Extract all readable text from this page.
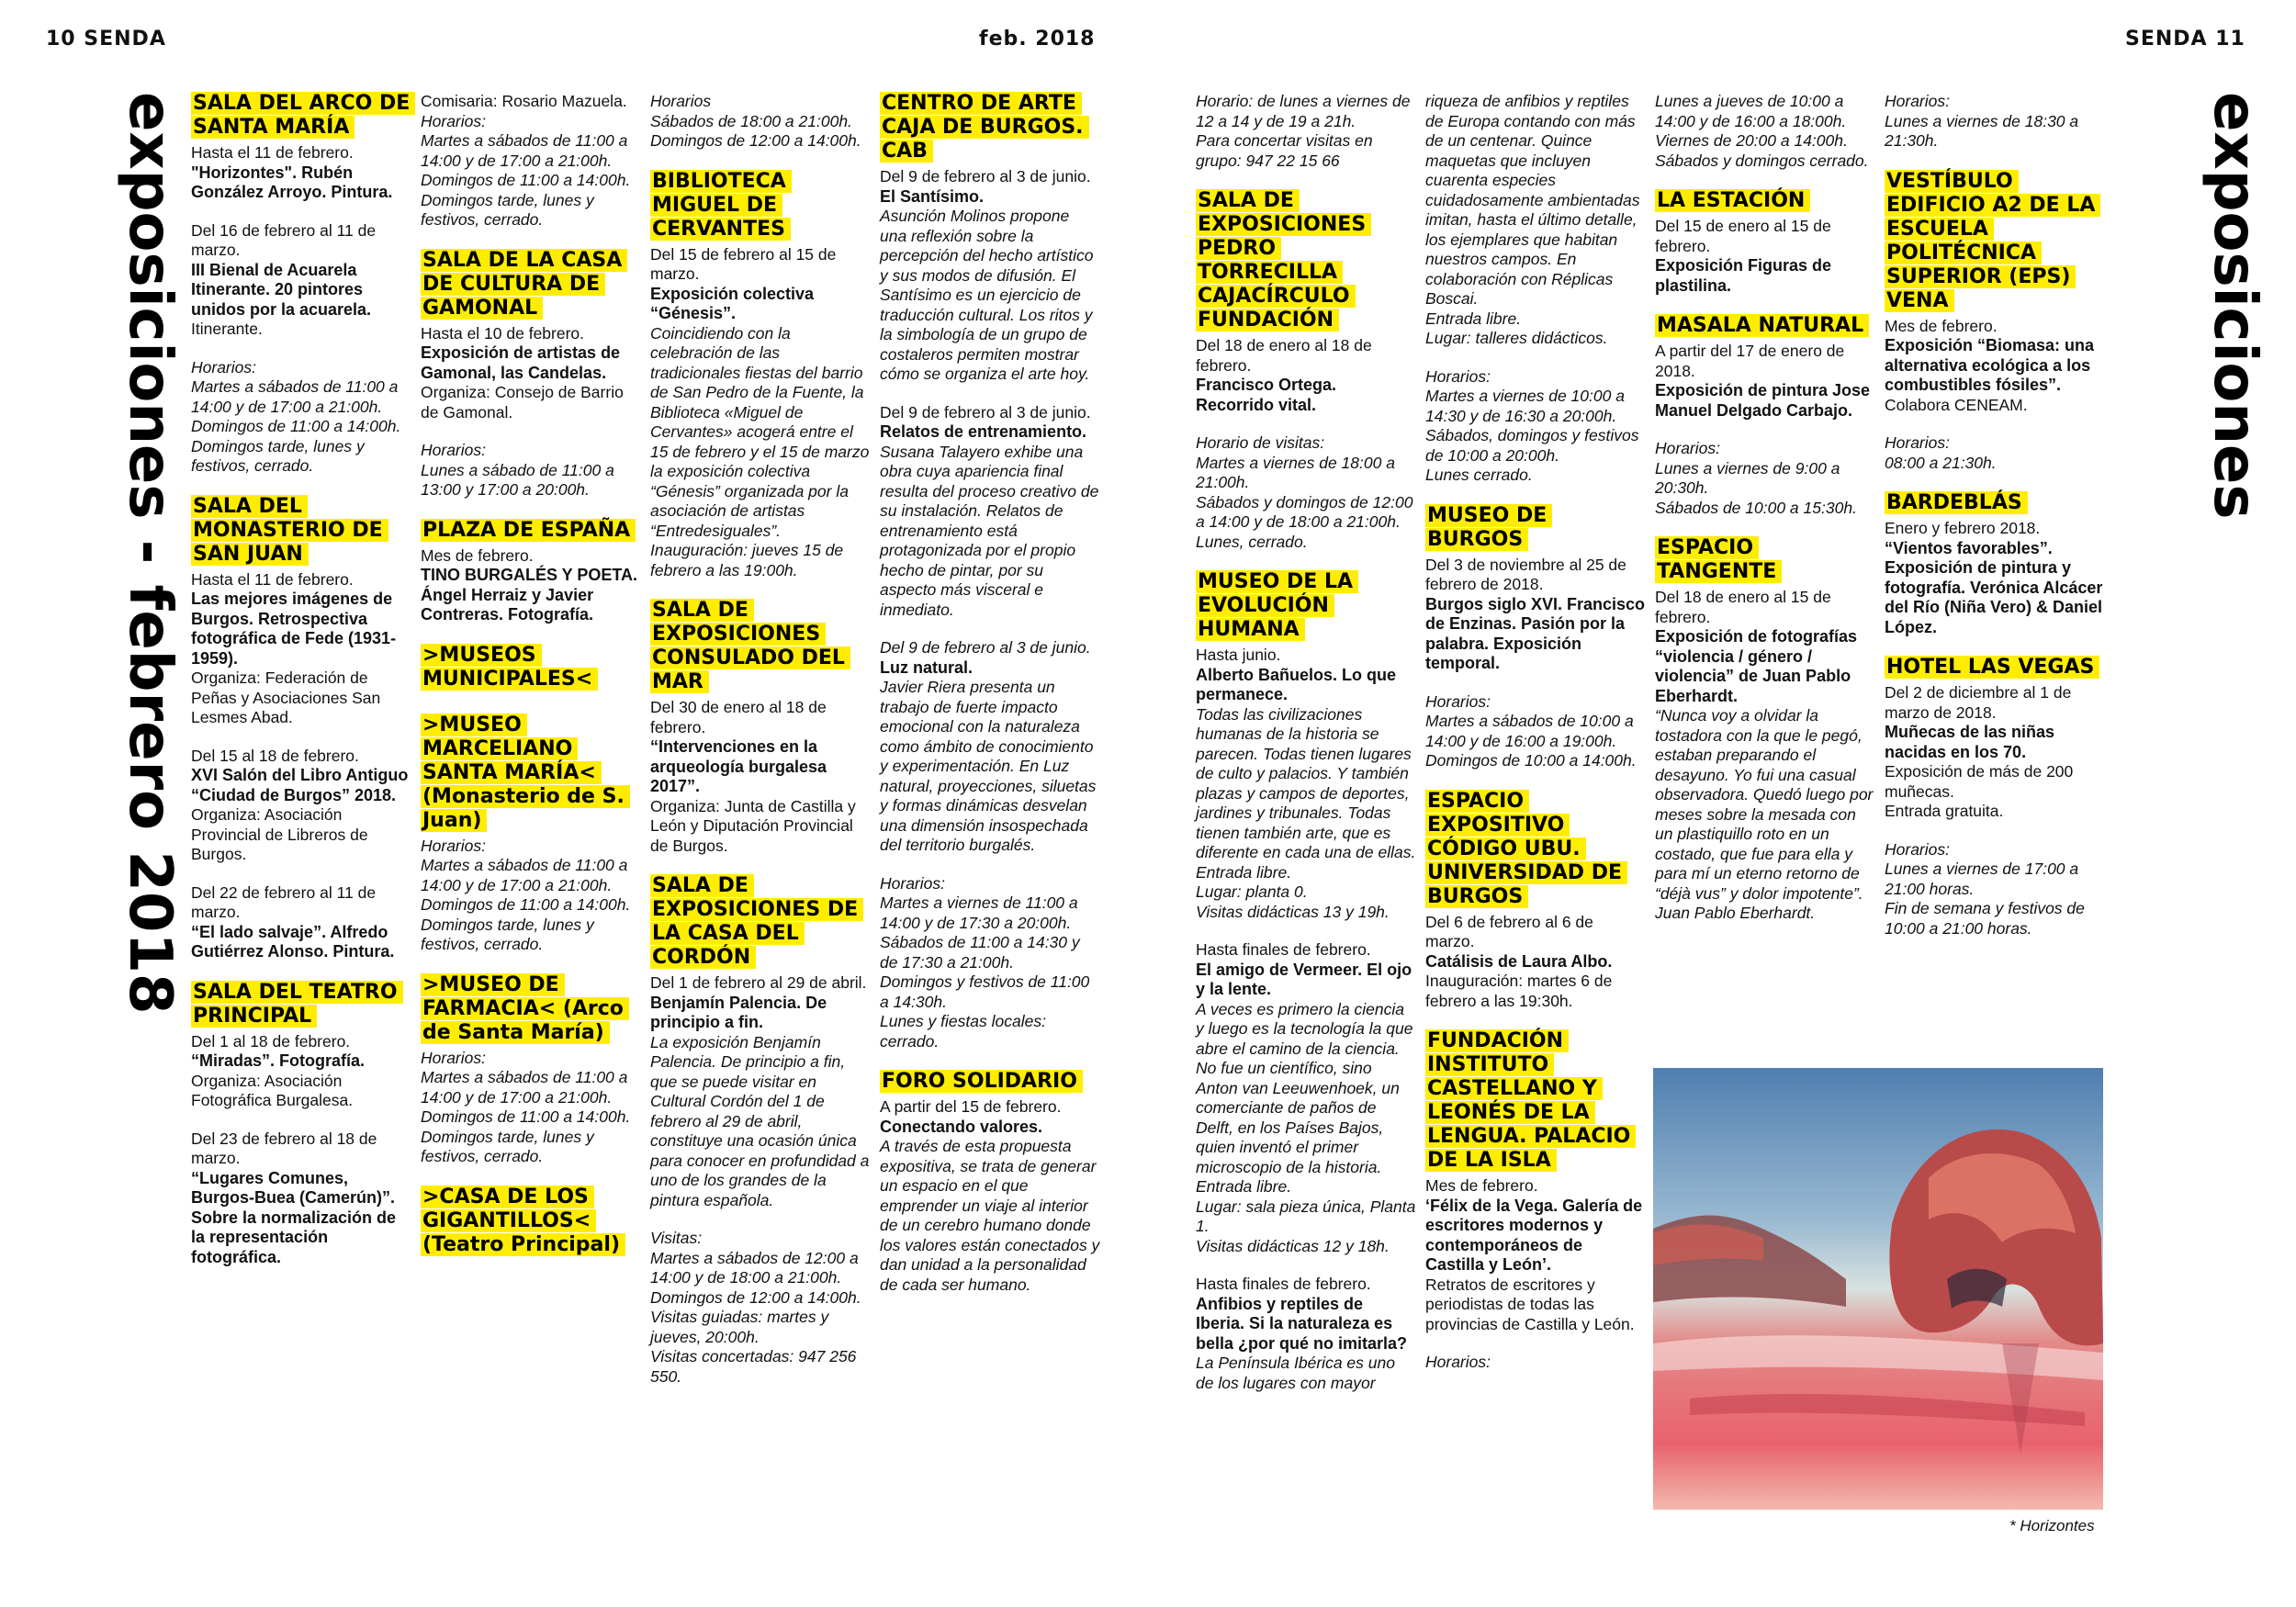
10 SENDA	feb. 2018	SENDA 11
exposiciones - febrero 2018	exposiciones
SALA DEL ARCO DE SANTA MARÍA
Hasta el 11 de febrero.
"Horizontes". Rubén González Arroyo. Pintura.
Del 16 de febrero al 11 de marzo.
III Bienal de Acuarela Itinerante. 20 pintores unidos por la acuarela.
Itinerante.
Horarios:
Martes a sábados de 11:00 a 14:00 y de 17:00 a 21:00h.
Domingos de 11:00 a 14:00h.
Domingos tarde, lunes y festivos, cerrado.
SALA DEL MONASTERIO DE SAN JUAN
Hasta el 11 de febrero.
Las mejores imágenes de Burgos. Retrospectiva fotográfica de Fede (1931-1959).
Organiza: Federación de Peñas y Asociaciones San Lesmes Abad.
Del 15 al 18 de febrero.
XVI Salón del Libro Antiguo “Ciudad de Burgos” 2018.
Organiza: Asociación Provincial de Libreros de Burgos.
Del 22 de febrero al 11 de marzo.
“El lado salvaje”. Alfredo Gutiérrez Alonso. Pintura.
SALA DEL TEATRO PRINCIPAL
Del 1 al 18 de febrero.
“Miradas”. Fotografía.
Organiza: Asociación Fotográfica Burgalesa.
Del 23 de febrero al 18 de marzo.
“Lugares Comunes, Burgos-Buea (Camerún)”. Sobre la normalización de la representación fotográfica.
Comisaria: Rosario Mazuela.
Horarios:
Martes a sábados de 11:00 a 14:00 y de 17:00 a 21:00h.
Domingos de 11:00 a 14:00h.
Domingos tarde, lunes y festivos, cerrado.
SALA DE LA CASA DE CULTURA DE GAMONAL
Hasta el 10 de febrero.
Exposición de artistas de Gamonal, las Candelas.
Organiza: Consejo de Barrio de Gamonal.
Horarios:
Lunes a sábado de 11:00 a 13:00 y 17:00 a 20:00h.
PLAZA DE ESPAÑA
Mes de febrero.
TINO BURGALÉS Y POETA. Ángel Herraiz y Javier Contreras. Fotografía.
>MUSEOS MUNICIPALES<
>MUSEO MARCELIANO SANTA MARÍA< (Monasterio de S. Juan)
Horarios:
Martes a sábados de 11:00 a 14:00 y de 17:00 a 21:00h.
Domingos de 11:00 a 14:00h.
Domingos tarde, lunes y festivos, cerrado.
>MUSEO DE FARMACIA< (Arco de Santa María)
Horarios:
Martes a sábados de 11:00 a 14:00 y de 17:00 a 21:00h.
Domingos de 11:00 a 14:00h.
Domingos tarde, lunes y festivos, cerrado.
>CASA DE LOS GIGANTILLOS< (Teatro Principal)
Horarios
Sábados de 18:00 a 21:00h.
Domingos de 12:00 a 14:00h.
BIBLIOTECA MIGUEL DE CERVANTES
Del 15 de febrero al 15 de marzo.
Exposición colectiva “Génesis”.
Coincidiendo con la celebración de las tradicionales fiestas del barrio de San Pedro de la Fuente, la Biblioteca «Miguel de Cervantes» acogerá entre el 15 de febrero y el 15 de marzo la exposición colectiva “Génesis” organizada por la asociación de artistas “Entredesiguales”. Inauguración: jueves 15 de febrero a las 19:00h.
SALA DE EXPOSICIONES CONSULADO DEL MAR
Del 30 de enero al 18 de febrero.
“Intervenciones en la arqueología burgalesa 2017”.
Organiza: Junta de Castilla y León y Diputación Provincial de Burgos.
SALA DE EXPOSICIONES DE LA CASA DEL CORDÓN
Del 1 de febrero al 29 de abril.
Benjamín Palencia. De principio a fin.
La exposición Benjamín Palencia. De principio a fin, que se puede visitar en Cultural Cordón del 1 de febrero al 29 de abril, constituye una ocasión única para conocer en profundidad a uno de los grandes de la pintura española.
Visitas:
Martes a sábados de 12:00 a 14:00 y de 18:00 a 21:00h.
Domingos de 12:00 a 14:00h.
Visitas guiadas: martes y jueves, 20:00h.
Visitas concertadas: 947 256 550.
CENTRO DE ARTE CAJA DE BURGOS. CAB
Del 9 de febrero al 3 de junio.
El Santísimo.
Asunción Molinos propone una reflexión sobre la percepción del hecho artístico y sus modos de difusión. El Santísimo es un ejercicio de traducción cultural. Los ritos y la simbología de un grupo de costaleros permiten mostrar cómo se organiza el arte hoy.
Del 9 de febrero al 3 de junio.
Relatos de entrenamiento.
Susana Talayero exhibe una obra cuya apariencia final resulta del proceso creativo de su instalación. Relatos de entrenamiento está protagonizada por el propio hecho de pintar, por su aspecto más visceral e inmediato.
Del 9 de febrero al 3 de junio.
Luz natural.
Javier Riera presenta un trabajo de fuerte impacto emocional con la naturaleza como ámbito de conocimiento y experimentación. En Luz natural, proyecciones, siluetas y formas dinámicas desvelan una dimensión insospechada del territorio burgalés.
Horarios:
Martes a viernes de 11:00 a 14:00 y de 17:30 a 20:00h.
Sábados de 11:00 a 14:30 y de 17:30 a 21:00h.
Domingos y festivos de 11:00 a 14:30h.
Lunes y fiestas locales: cerrado.
FORO SOLIDARIO
A partir del 15 de febrero.
Conectando valores.
A través de esta propuesta expositiva, se trata de generar un espacio en el que emprender un viaje al interior de un cerebro humano donde los valores están conectados y dan unidad a la personalidad de cada ser humano.
Horario: de lunes a viernes de 12 a 14 y de 19 a 21h.
Para concertar visitas en grupo: 947 22 15 66
SALA DE EXPOSICIONES PEDRO TORRECILLA CAJACÍRCULO FUNDACIÓN
Del 18 de enero al 18 de febrero.
Francisco Ortega. Recorrido vital.
Horario de visitas:
Martes a viernes de 18:00 a 21:00h.
Sábados y domingos de 12:00 a 14:00 y de 18:00 a 21:00h.
Lunes, cerrado.
MUSEO DE LA EVOLUCIÓN HUMANA
Hasta junio.
Alberto Bañuelos. Lo que permanece.
Todas las civilizaciones humanas de la historia se parecen. Todas tienen lugares de culto y palacios. Y también plazas y campos de deportes, jardines y tribunales. Todas tienen también arte, que es diferente en cada una de ellas.
Entrada libre.
Lugar: planta 0.
Visitas didácticas 13 y 19h.
Hasta finales de febrero.
El amigo de Vermeer. El ojo y la lente.
A veces es primero la ciencia y luego es la tecnología la que abre el camino de la ciencia. No fue un científico, sino Anton van Leeuwenhoek, un comerciante de paños de Delft, en los Países Bajos, quien inventó el primer microscopio de la historia.
Entrada libre.
Lugar: sala pieza única, Planta 1.
Visitas didácticas 12 y 18h.
Hasta finales de febrero.
Anfibios y reptiles de Iberia. Si la naturaleza es bella ¿por qué no imitarla?
La Península Ibérica es uno de los lugares con mayor
riqueza de anfibios y reptiles de Europa contando con más de un centenar. Quince maquetas que incluyen cuarenta especies cuidadosamente ambientadas imitan, hasta el último detalle, los ejemplares que habitan nuestros campos. En colaboración con Réplicas Boscai.
Entrada libre.
Lugar: talleres didácticos.
Horarios:
Martes a viernes de 10:00 a 14:30 y de 16:30 a 20:00h.
Sábados, domingos y festivos de 10:00 a 20:00h.
Lunes cerrado.
MUSEO DE BURGOS
Del 3 de noviembre al 25 de febrero de 2018.
Burgos siglo XVI. Francisco de Enzinas. Pasión por la palabra. Exposición temporal.
Horarios:
Martes a sábados de 10:00 a 14:00 y de 16:00 a 19:00h.
Domingos de 10:00 a 14:00h.
ESPACIO EXPOSITIVO CÓDIGO UBU. UNIVERSIDAD DE BURGOS
Del 6 de febrero al 6 de marzo.
Catálisis de Laura Albo.
Inauguración: martes 6 de febrero a las 19:30h.
FUNDACIÓN INSTITUTO CASTELLANO Y LEONÉS DE LA LENGUA. PALACIO DE LA ISLA
Mes de febrero.
‘Félix de la Vega. Galería de escritores modernos y contemporáneos de Castilla y León’.
Retratos de escritores y periodistas de todas las provincias de Castilla y León.
Horarios:
Lunes a jueves de 10:00 a 14:00 y de 16:00 a 18:00h.
Viernes de 20:00 a 14:00h.
Sábados y domingos cerrado.
LA ESTACIÓN
Del 15 de enero al 15 de febrero.
Exposición Figuras de plastilina.
MASALA NATURAL
A partir del 17 de enero de 2018.
Exposición de pintura Jose Manuel Delgado Carbajo.
Horarios:
Lunes a viernes de 9:00 a 20:30h.
Sábados de 10:00 a 15:30h.
ESPACIO TANGENTE
Del 18 de enero al 15 de febrero.
Exposición de fotografías “violencia / género / violencia” de Juan Pablo Eberhardt.
“Nunca voy a olvidar la tostadora con la que le pegó, estaban preparando el desayuno. Yo fui una casual observadora. Quedó luego por meses sobre la mesada con un plastiquillo roto en un costado, que fue para ella y para mí un eterno retorno de “déjà vus” y dolor impotente”.
Juan Pablo Eberhardt.
Horarios:
Lunes a viernes de 18:30 a 21:30h.
VESTÍBULO EDIFICIO A2 DE LA ESCUELA POLITÉCNICA SUPERIOR (EPS) VENA
Mes de febrero.
Exposición “Biomasa: una alternativa ecológica a los combustibles fósiles”.
Colabora CENEAM.
Horarios:
08:00 a 21:30h.
BARDEBLÁS
Enero y febrero 2018.
“Vientos favorables”. Exposición de pintura y fotografía. Verónica Alcácer del Río (Niña Vero) & Daniel López.
HOTEL LAS VEGAS
Del 2 de diciembre al 1 de marzo de 2018.
Muñecas de las niñas nacidas en los 70.
Exposición de más de 200 muñecas.
Entrada gratuita.
Horarios:
Lunes a viernes de 17:00 a 21:00 horas.
Fin de semana y festivos de 10:00 a 21:00 horas.
* Horizontes
